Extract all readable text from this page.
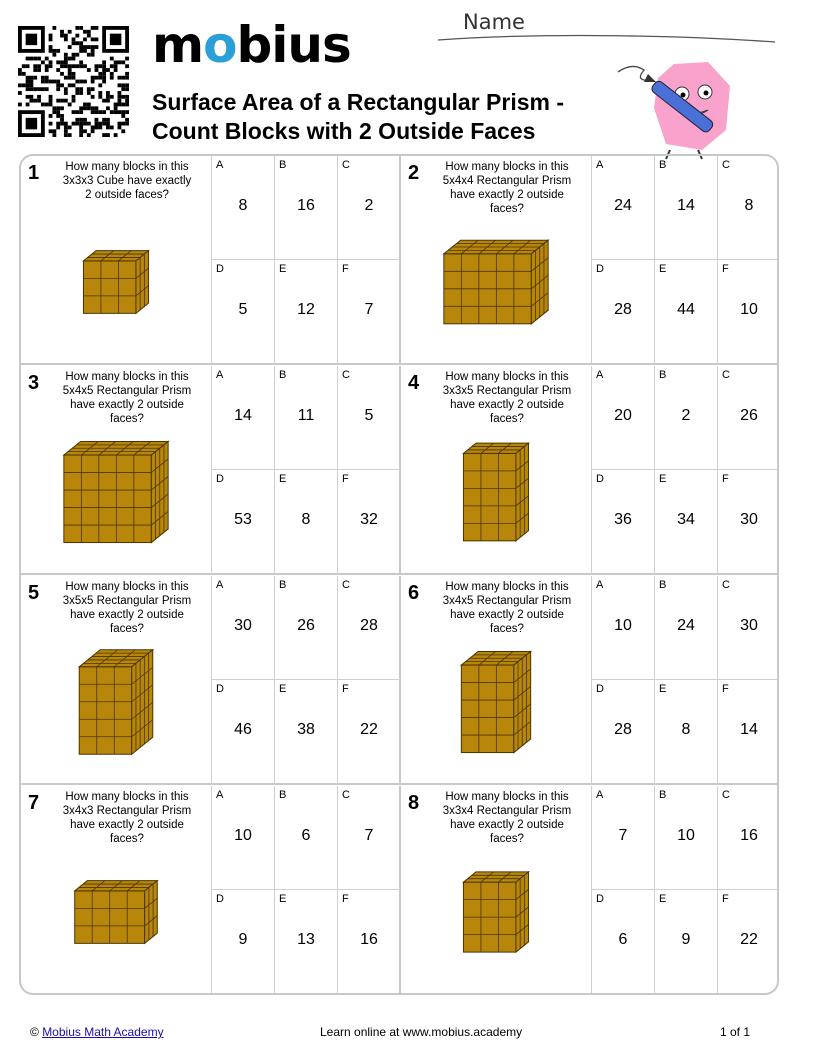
mobius
Surface Area of a Rectangular Prism -
Count Blocks with 2 Outside Faces
Name
1	How many blocks in this 3x3x3 Cube have exactly 2 outside faces?
A
8
B
16
C
2
D
5
E
12
F
7
2	How many blocks in this 5x4x4 Rectangular Prism have exactly 2 outside faces?
A
24
B
14
C
8
D
28
E
44
F
10
3	How many blocks in this 5x4x5 Rectangular Prism have exactly 2 outside faces?
A
14
B
11
C
5
D
53
E
8
F
32
4	How many blocks in this 3x3x5 Rectangular Prism have exactly 2 outside faces?
A
20
B
2
C
26
D
36
E
34
F
30
5	How many blocks in this 3x5x5 Rectangular Prism have exactly 2 outside faces?
A
30
B
26
C
28
D
46
E
38
F
22
6	How many blocks in this 3x4x5 Rectangular Prism have exactly 2 outside faces?
A
10
B
24
C
30
D
28
E
8
F
14
7	How many blocks in this 3x4x3 Rectangular Prism have exactly 2 outside faces?
A
10
B
6
C
7
D
9
E
13
F
16
8	How many blocks in this 3x3x4 Rectangular Prism have exactly 2 outside faces?
A
7
B
10
C
16
D
6
E
9
F
22
© Mobius Math Academy	Learn online at www.mobius.academy	1 of 1
